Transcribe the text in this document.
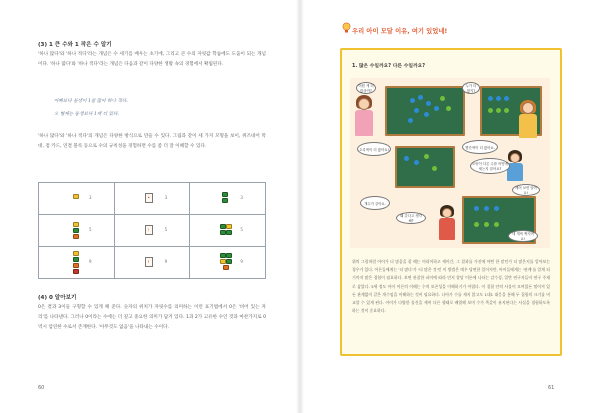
(3) 1 큰 수와 1 작은 수 알기
'하나 많다'와 '하나 적다'라는 개념은 수 세기를 배우는 초기에, 그리고 큰 수의 자릿값 학습에도 도움이 되는 개념이다. '하나 많다'와 '하나 적다'라는 개념은 다음과 같이 다양한 생활 속의 경험에서 확립된다.
아빠보다 동생이 1살 많아 하나 적다.
오 형제는 동생보다 1개 더 있다.
'하나 많다'와 '하나 적다'의 개념은 다양한 방식으로 만들 수 있다. 그림과 같이 세 가지 모형을 보이, 퀴즈네어 막대, 점 카드, 연결 블록 등으로 수의 규칙성을 경험하면 수를 좀 더 잘 이해할 수 있다.
3	• 3	3

5	⁝ 5	5

9	⁞ 9	9
(4) 0 알아보기
0은 결과 3이들 구형할 수 있게 해 준다. 숫자의 위치가 자릿수를 의미하는 이런 표기법에서 0은 '비어 있는 자리'를 나타낸다. 그러나 0이라는 수에는 더 깊고 중요한 의미가 담겨 있다. 1과 2가 고유한 수인 것과 마찬가지로 0 역시 엄연한 수로서 존재한다. '아무것도 없음'을 나타내는 수이다.
60
우리 아이 모달 이유, 여기 있었네!
1. 많은 수일까요? 다른 수일까요?
어떤 게 더 많을까?
누가 더 많지?
초록색이 더 많아요!	빨간색이 더 많아요.
개수가 같아요.
모양이 다른 수를 어떻게 세는지 알아요?
세어 보면 알아요!
왜 같다고 생각해?
네 개씩 짝지어요!
위의 그림처럼 아이가 더 많음을 잘 해는 머리이하고 세어간, 그 결과를 가진에 어떤 한 말인가 더 많은지를 알아보는 경우가 있다. 어른들에게는 '더 많다'가 '더 많은 것'인 이 방법은 매우 당연한 일이지만, 아이들에게는 '관계'를 알게 되기까지 많은 경험이 필요하다. 보면 관찰한 파이에 따라 민지 할당 이론에 나타는 감수성, 일반 연구자들이 연구 주제로 삼았다. 5세 정도 아이 어른의 이해는 수의 보존성을 이해하기가 어렵다. 이 집합 안의 사물이 모여있든 떨어져 있든 관계없이 같은 개수임을 이해하는 것이 필요하다. 나아가 수를 세지 않고도 1대1 대응을 통해 두 집합의 크기를 비교할 수 있게 된다. 아이가 다양한 물건을 세며 다른 행태로 배열해 보며 수가 똑같이 유지된다는 사실을 경험하도록 하는 것이 중요하다.
61
